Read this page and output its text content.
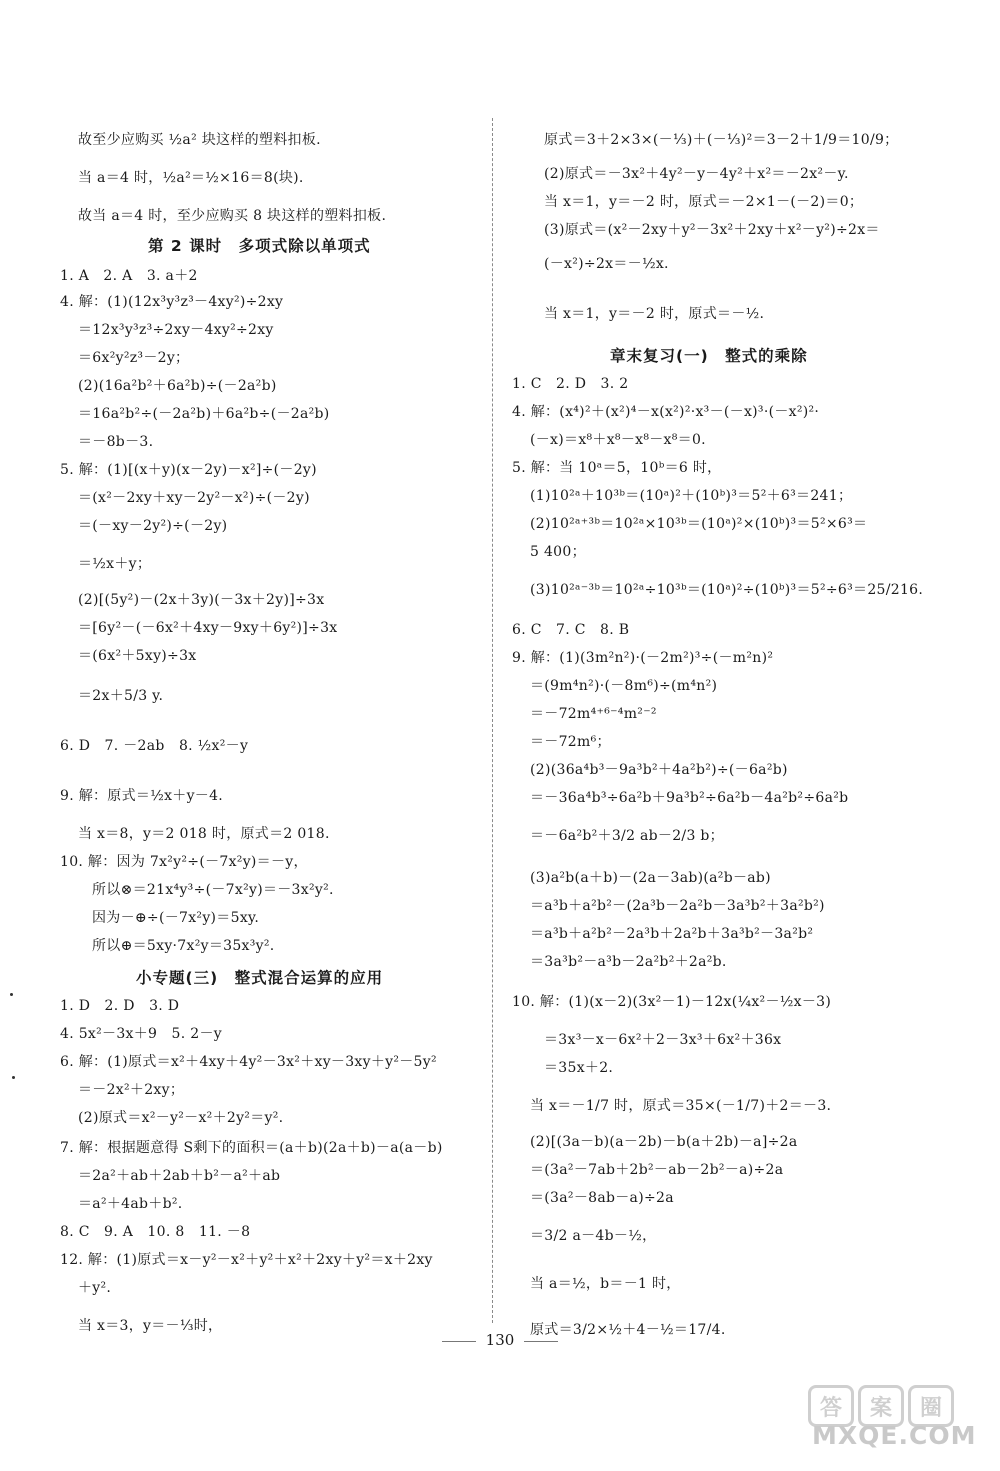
故至少应购买 ½a² 块这样的塑料扣板.
当 a＝4 时，½a²＝½×16＝8(块).
故当 a＝4 时，至少应购买 8 块这样的塑料扣板.
第 2 课时　多项式除以单项式
1. A　2. A　3. a＋2
4. 解：(1)(12x³y³z³－4xy²)÷2xy
＝12x³y³z³÷2xy－4xy²÷2xy
＝6x²y²z³－2y；
(2)(16a²b²＋6a²b)÷(－2a²b)
＝16a²b²÷(－2a²b)＋6a²b÷(－2a²b)
＝－8b－3.
5. 解：(1)[(x＋y)(x－2y)－x²]÷(－2y)
＝(x²－2xy＋xy－2y²－x²)÷(－2y)
＝(－xy－2y²)÷(－2y)
＝½x＋y；
(2)[(5y²)－(2x＋3y)(－3x＋2y)]÷3x
＝[6y²－(－6x²＋4xy－9xy＋6y²)]÷3x
＝(6x²＋5xy)÷3x
＝2x＋5/3 y.
6. D　7. －2ab　8. ½x²－y
9. 解：原式＝½x＋y－4.
当 x＝8，y＝2 018 时，原式＝2 018.
10. 解：因为 7x²y²÷(－7x²y)＝－y，
所以⊗＝21x⁴y³÷(－7x²y)＝－3x²y².
因为－⊕÷(－7x²y)＝5xy.
所以⊕＝5xy·7x²y＝35x³y².
小专题(三)　整式混合运算的应用
1. D　2. D　3. D
4. 5x²－3x＋9　5. 2－y
6. 解：(1)原式＝x²＋4xy＋4y²－3x²＋xy－3xy＋y²－5y²
＝－2x²＋2xy；
(2)原式＝x²－y²－x²＋2y²＝y².
7. 解：根据题意得 S剩下的面积＝(a＋b)(2a＋b)－a(a－b)
＝2a²＋ab＋2ab＋b²－a²＋ab
＝a²＋4ab＋b².
8. C　9. A　10. 8　11. －8
12. 解：(1)原式＝x－y²－x²＋y²＋x²＋2xy＋y²＝x＋2xy
＋y².
当 x＝3，y＝－⅓时，
原式＝3＋2×3×(－⅓)＋(－⅓)²＝3－2＋1/9＝10/9；
(2)原式＝－3x²＋4y²－y－4y²＋x²＝－2x²－y.
当 x＝1，y＝－2 时，原式＝－2×1－(－2)＝0；
(3)原式＝(x²－2xy＋y²－3x²＋2xy＋x²－y²)÷2x＝
(－x²)÷2x＝－½x.
当 x＝1，y＝－2 时，原式＝－½.
章末复习(一)　整式的乘除
1. C　2. D　3. 2
4. 解：(x⁴)²＋(x²)⁴－x(x²)²·x³－(－x)³·(－x²)²·
(－x)＝x⁸＋x⁸－x⁸－x⁸＝0.
5. 解：当 10ᵃ＝5，10ᵇ＝6 时，
(1)10²ᵃ＋10³ᵇ＝(10ᵃ)²＋(10ᵇ)³＝5²＋6³＝241；
(2)10²ᵃ⁺³ᵇ＝10²ᵃ×10³ᵇ＝(10ᵃ)²×(10ᵇ)³＝5²×6³＝
5 400；
(3)10²ᵃ⁻³ᵇ＝10²ᵃ÷10³ᵇ＝(10ᵃ)²÷(10ᵇ)³＝5²÷6³＝25/216.
6. C　7. C　8. B
9. 解：(1)(3m²n²)·(－2m²)³÷(－m²n)²
＝(9m⁴n²)·(－8m⁶)÷(m⁴n²)
＝－72m⁴⁺⁶⁻⁴m²⁻²
＝－72m⁶；
(2)(36a⁴b³－9a³b²＋4a²b²)÷(－6a²b)
＝－36a⁴b³÷6a²b＋9a³b²÷6a²b－4a²b²÷6a²b
＝－6a²b²＋3/2 ab－2/3 b；
(3)a²b(a＋b)－(2a－3ab)(a²b－ab)
＝a³b＋a²b²－(2a³b－2a²b－3a³b²＋3a²b²)
＝a³b＋a²b²－2a³b＋2a²b＋3a³b²－3a²b²
＝3a³b²－a³b－2a²b²＋2a²b.
10. 解：(1)(x－2)(3x²－1)－12x(¼x²－½x－3)
＝3x³－x－6x²＋2－3x³＋6x²＋36x
＝35x＋2.
当 x＝－1/7 时，原式＝35×(－1/7)＋2＝－3.
(2)[(3a－b)(a－2b)－b(a＋2b)－a]÷2a
＝(3a²－7ab＋2b²－ab－2b²－a)÷2a
＝(3a²－8ab－a)÷2a
＝3/2 a－4b－½，
当 a＝½，b＝－1 时，
原式＝3/2×½＋4－½＝17/4.
130
答	案	圈
MXQE.COM
